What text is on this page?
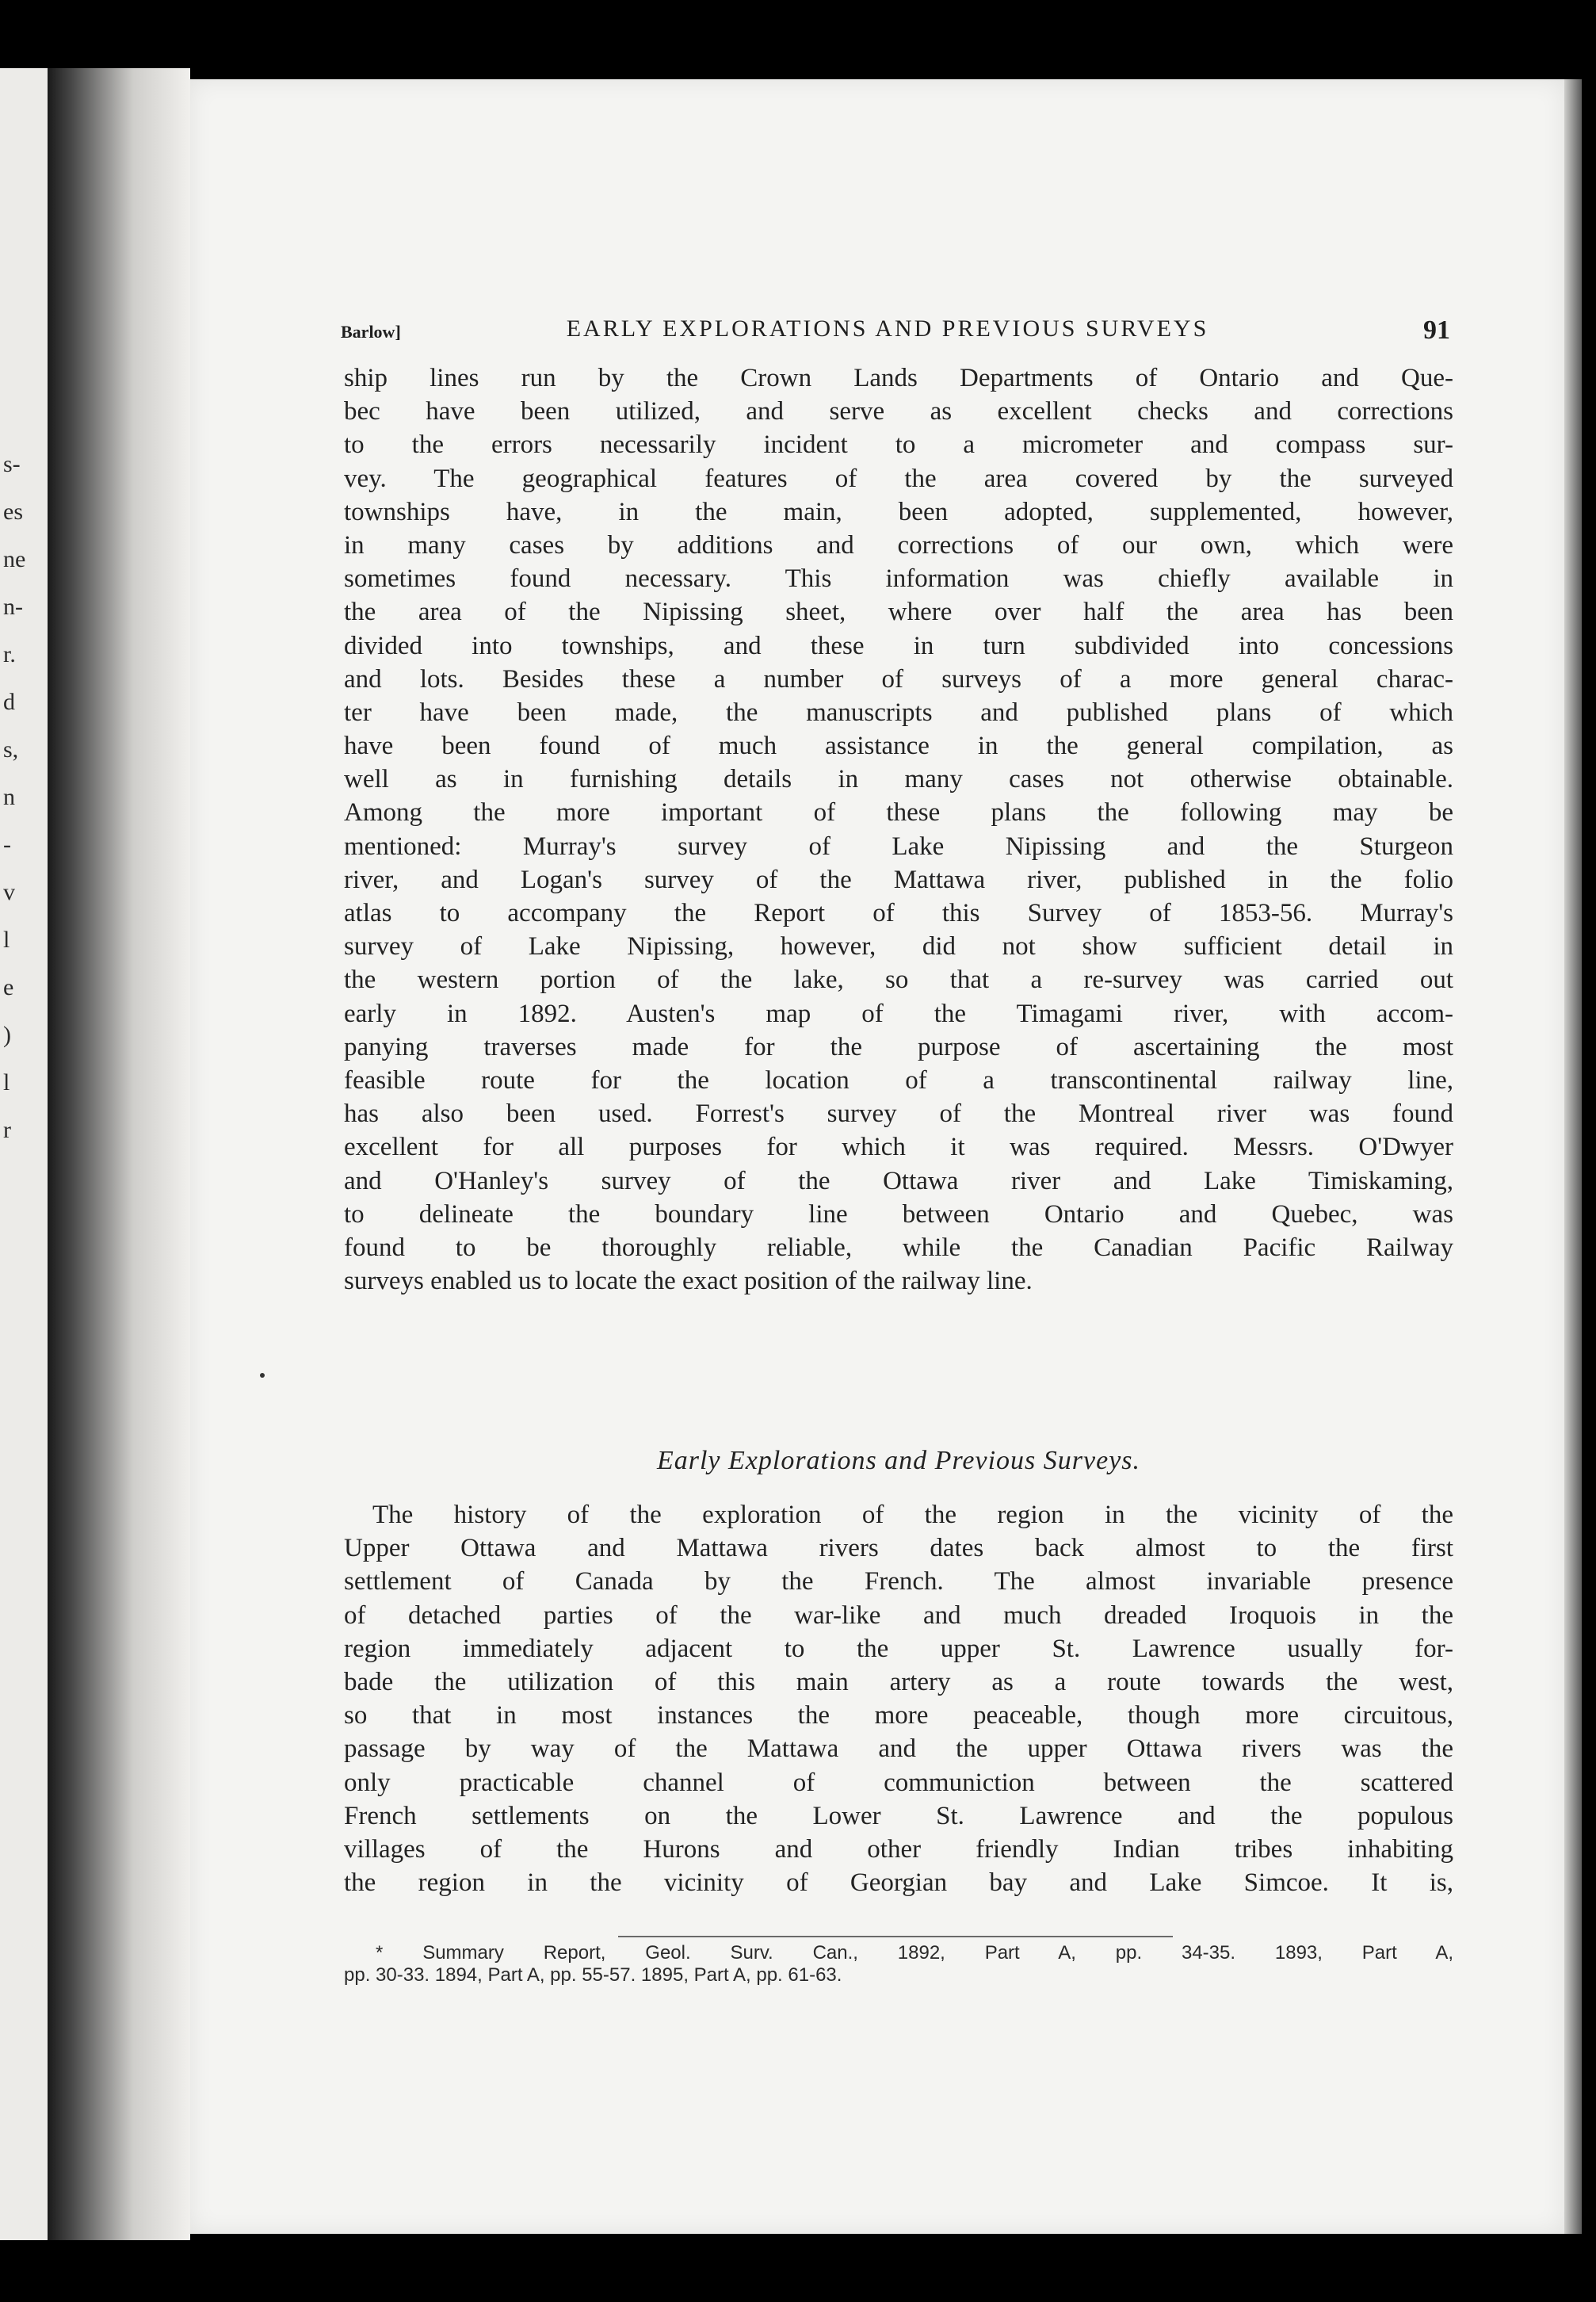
s-
es
ne
n-
r.
d
s,
n
-
v
l
e
)
l
r
Barlow]	EARLY EXPLORATIONS AND PREVIOUS SURVEYS	91
ship lines run by the Crown Lands Departments of Ontario and Que-
bec have been utilized, and serve as excellent checks and corrections
to the errors necessarily incident to a micrometer and compass sur-
vey. The geographical features of the area covered by the surveyed
townships have, in the main, been adopted, supplemented, however,
in many cases by additions and corrections of our own, which were
sometimes found necessary. This information was chiefly available in
the area of the Nipissing sheet, where over half the area has been
divided into townships, and these in turn subdivided into concessions
and lots. Besides these a number of surveys of a more general charac-
ter have been made, the manuscripts and published plans of which
have been found of much assistance in the general compilation, as
well as in furnishing details in many cases not otherwise obtainable.
Among the more important of these plans the following may be
mentioned: Murray's survey of Lake Nipissing and the Sturgeon
river, and Logan's survey of the Mattawa river, published in the folio
atlas to accompany the Report of this Survey of 1853-56. Murray's
survey of Lake Nipissing, however, did not show sufficient detail in
the western portion of the lake, so that a re-survey was carried out
early in 1892. Austen's map of the Timagami river, with accom-
panying traverses made for the purpose of ascertaining the most
feasible route for the location of a transcontinental railway line,
has also been used. Forrest's survey of the Montreal river was found
excellent for all purposes for which it was required. Messrs. O'Dwyer
and O'Hanley's survey of the Ottawa river and Lake Timiskaming,
to delineate the boundary line between Ontario and Quebec, was
found to be thoroughly reliable, while the Canadian Pacific Railway
surveys enabled us to locate the exact position of the railway line.
Early Explorations and Previous Surveys.
The history of the exploration of the region in the vicinity of the
Upper Ottawa and Mattawa rivers dates back almost to the first
settlement of Canada by the French. The almost invariable presence
of detached parties of the war-like and much dreaded Iroquois in the
region immediately adjacent to the upper St. Lawrence usually for-
bade the utilization of this main artery as a route towards the west,
so that in most instances the more peaceable, though more circuitous,
passage by way of the Mattawa and the upper Ottawa rivers was the
only practicable channel of communiction between the scattered
French settlements on the Lower St. Lawrence and the populous
villages of the Hurons and other friendly Indian tribes inhabiting
the region in the vicinity of Georgian bay and Lake Simcoe. It is,
* Summary Report, Geol. Surv. Can., 1892, Part A, pp. 34-35. 1893, Part A,
pp. 30-33. 1894, Part A, pp. 55-57. 1895, Part A, pp. 61-63.
